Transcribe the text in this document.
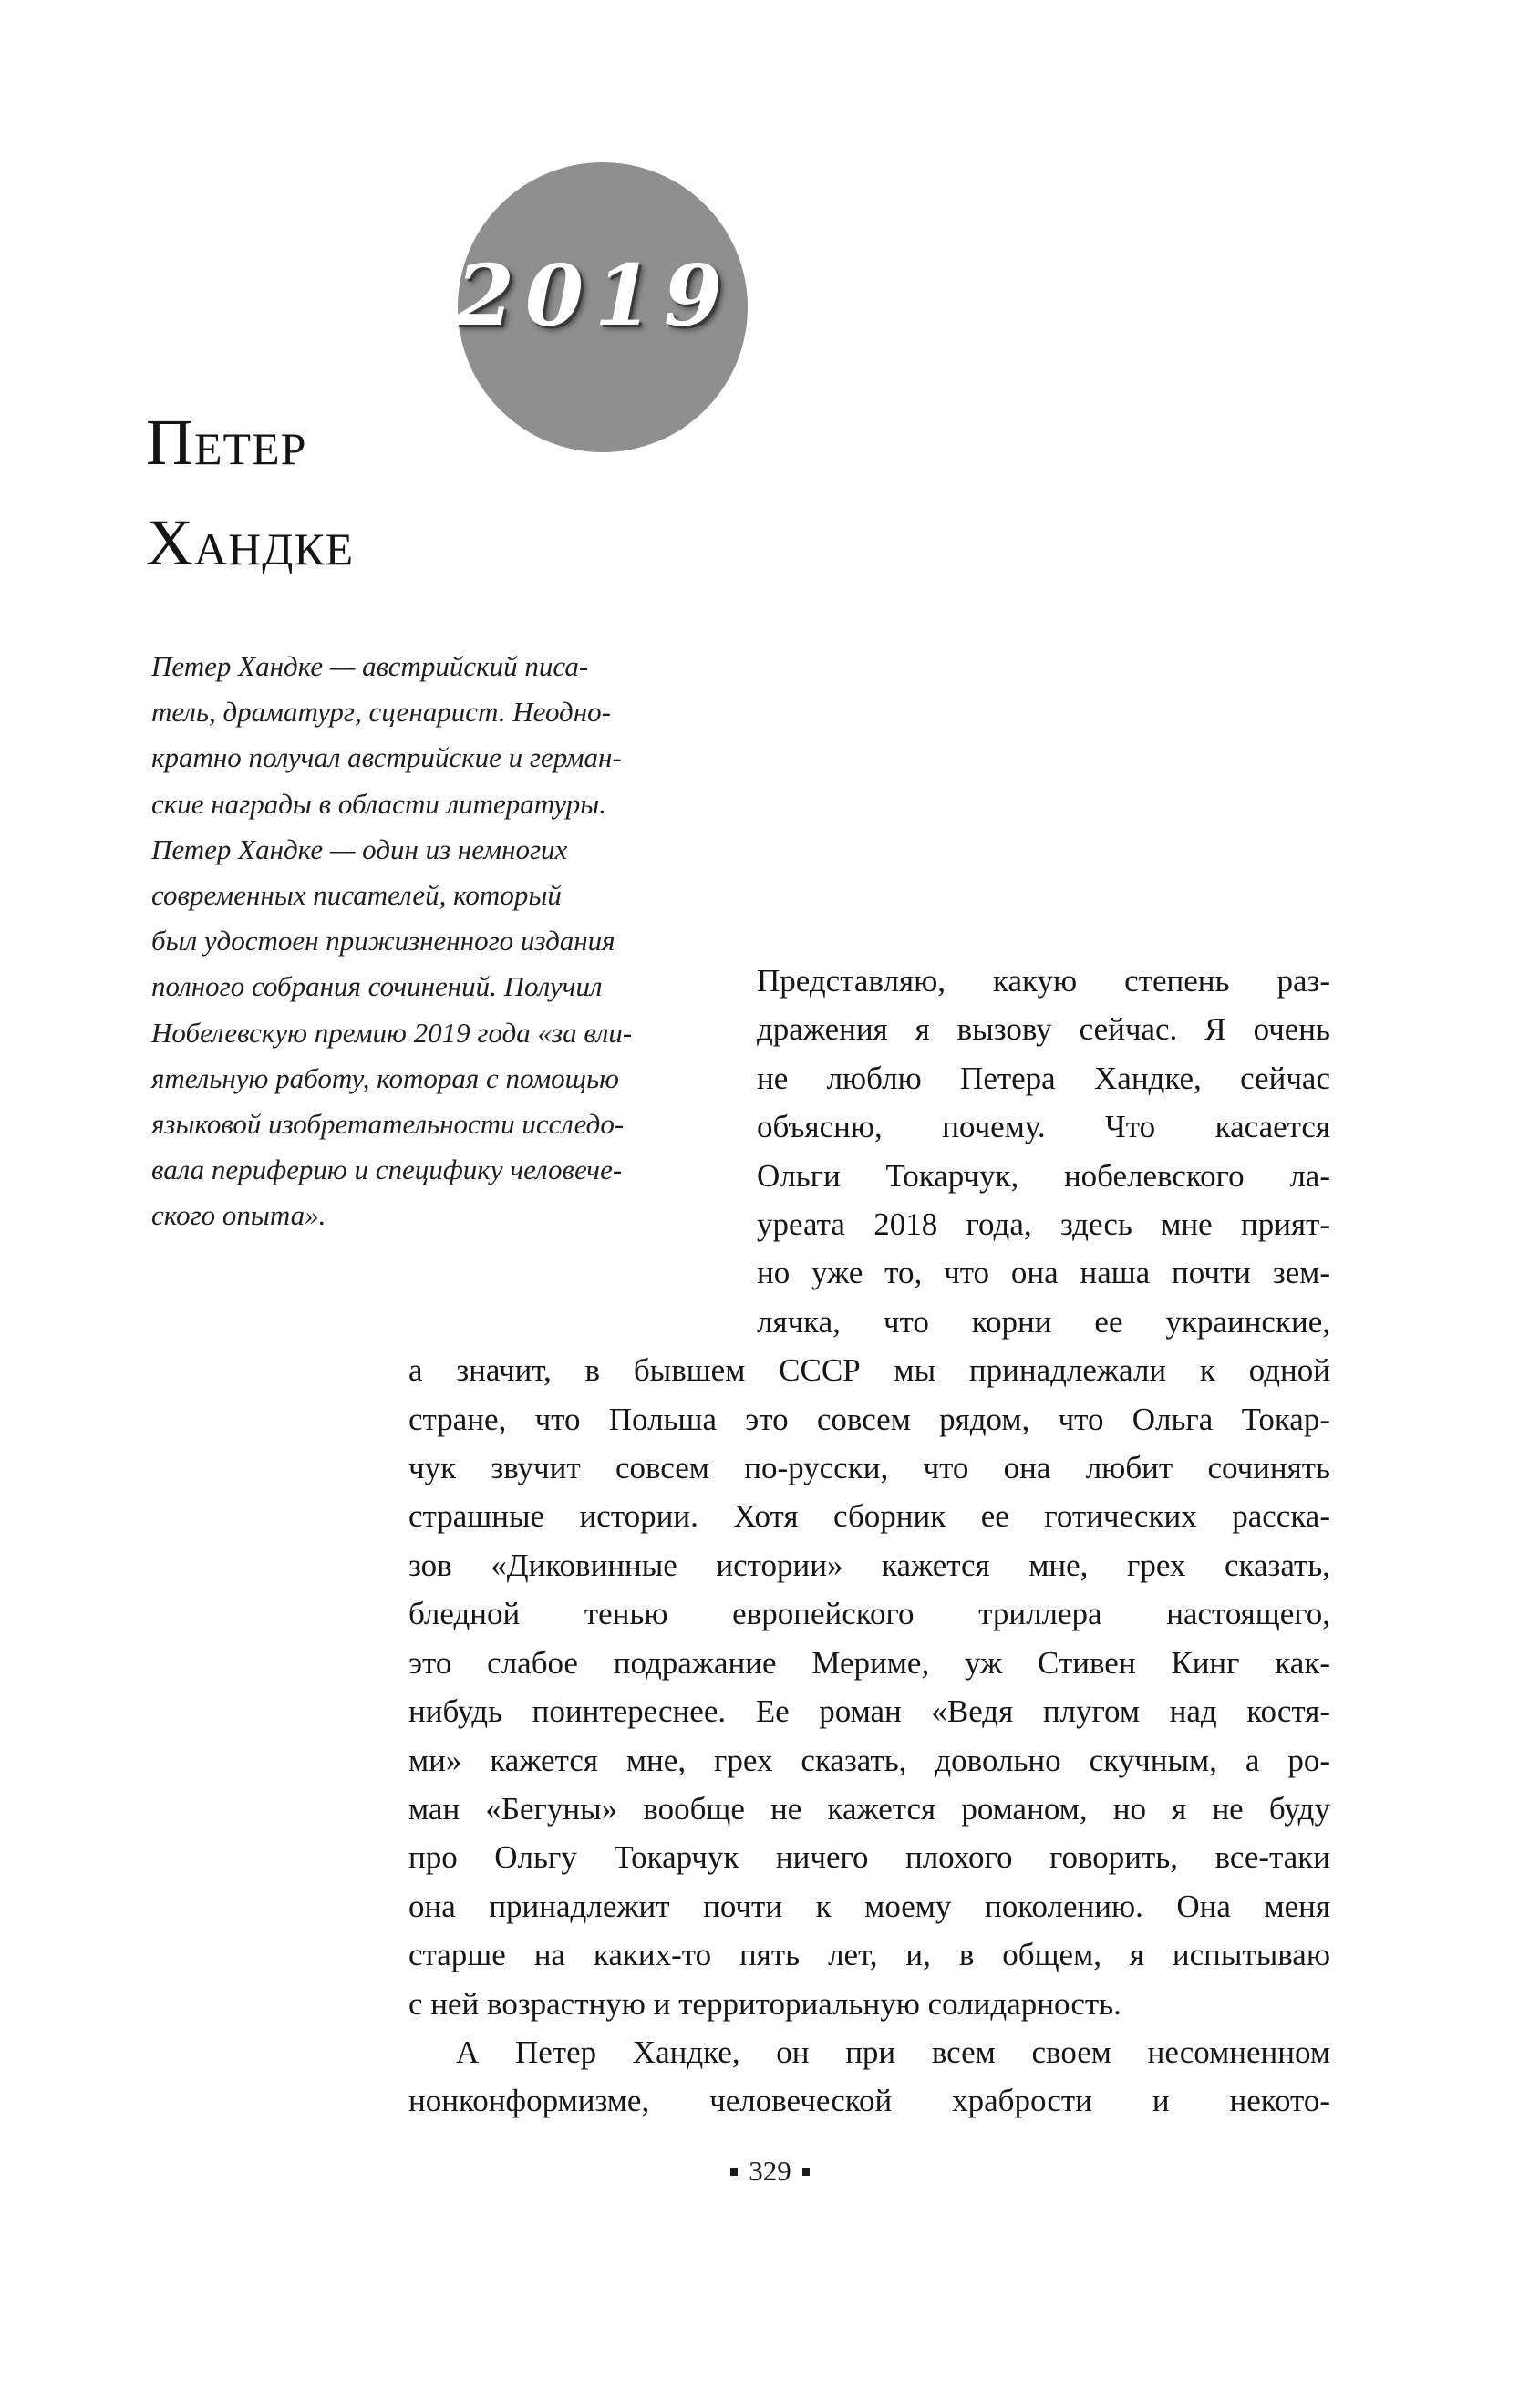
2019
Петер
Хандке
Петер Хандке — австрийский писа-
тель, драматург, сценарист. Неодно-
кратно получал австрийские и герман-
ские награды в области литературы.
Петер Хандке — один из немногих
современных писателей, который
был удостоен прижизненного издания
полного собрания сочинений. Получил
Нобелевскую премию 2019 года «за вли-
ятельную работу, которая с помощью
языковой изобретательности исследо-
вала периферию и специфику человече-
ского опыта».
Представляю, какую степень раз-
дражения я вызову сейчас. Я очень
не люблю Петера Хандке, сейчас
объясню, почему. Что касается
Ольги Токарчук, нобелевского ла-
уреата 2018 года, здесь мне прият-
но уже то, что она наша почти зем-
лячка, что корни ее украинские,
а значит, в бывшем СССР мы принадлежали к одной
стране, что Польша это совсем рядом, что Ольга Токар-
чук звучит совсем по-русски, что она любит сочинять
страшные истории. Хотя сборник ее готических расска-
зов «Диковинные истории» кажется мне, грех сказать,
бледной тенью европейского триллера настоящего,
это слабое подражание Мериме, уж Стивен Кинг как-
нибудь поинтереснее. Ее роман «Ведя плугом над костя-
ми» кажется мне, грех сказать, довольно скучным, а ро-
ман «Бегуны» вообще не кажется романом, но я не буду
про Ольгу Токарчук ничего плохого говорить, все-таки
она принадлежит почти к моему поколению. Она меня
старше на каких-то пять лет, и, в общем, я испытываю
с ней возрастную и территориальную солидарность.
А Петер Хандке, он при всем своем несомненном
нонконформизме, человеческой храбрости и некото-
329
